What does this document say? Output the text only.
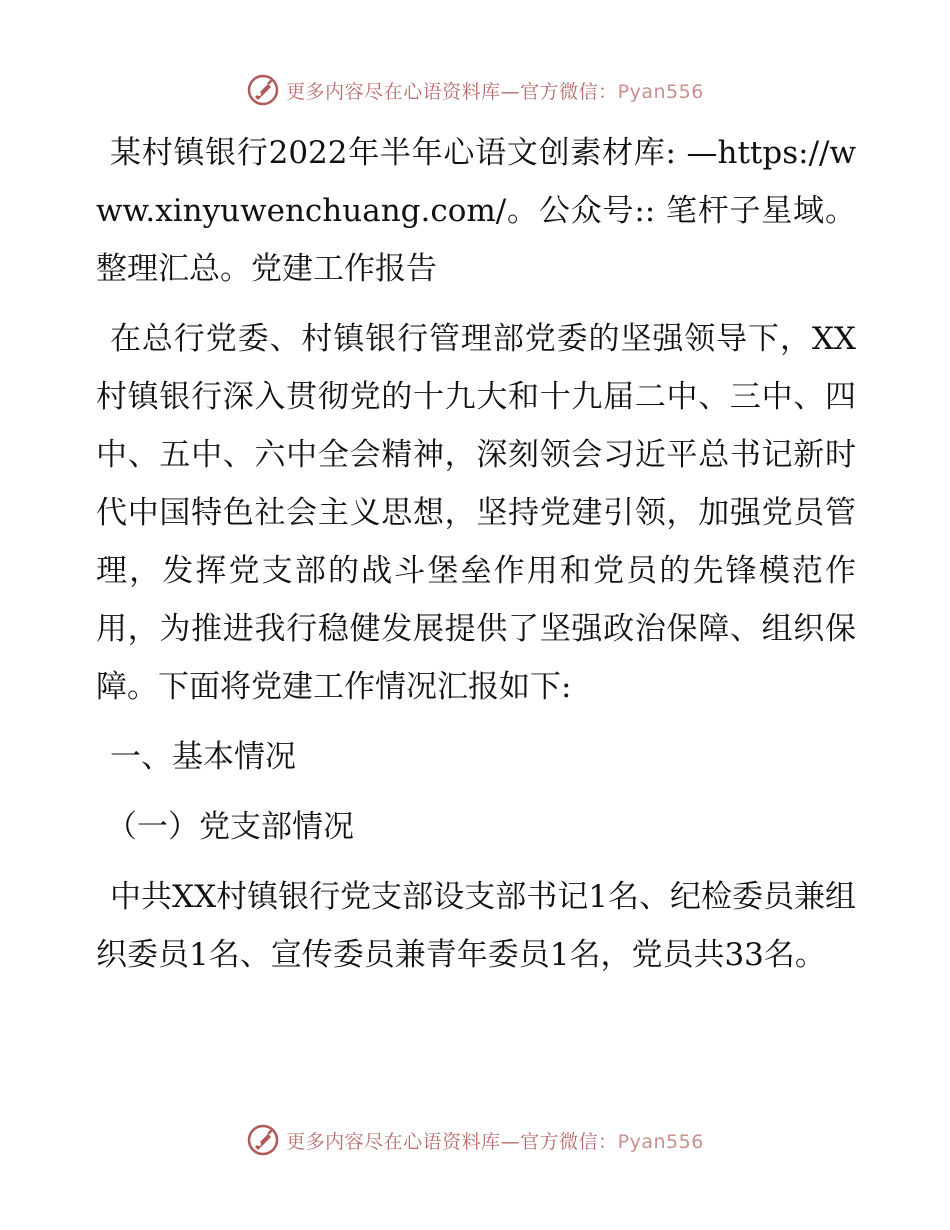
更多内容尽在心语资料库—官方微信：Pyan556

某村镇银行2022年半年心语文创素材库: —https://www.xinyuwenchuang.com/。公众号:: 笔杆子星域。整理汇总。党建工作报告

在总行党委、村镇银行管理部党委的坚强领导下，XX村镇银行深入贯彻党的十九大和十九届二中、三中、四中、五中、六中全会精神，深刻领会习近平总书记新时代中国特色社会主义思想，坚持党建引领，加强党员管理，发挥党支部的战斗堡垒作用和党员的先锋模范作用，为推进我行稳健发展提供了坚强政治保障、组织保障。下面将党建工作情况汇报如下:

一、基本情况

（一）党支部情况

中共XX村镇银行党支部设支部书记1名、纪检委员兼组织委员1名、宣传委员兼青年委员1名，党员共33名。

更多内容尽在心语资料库—官方微信：Pyan556
